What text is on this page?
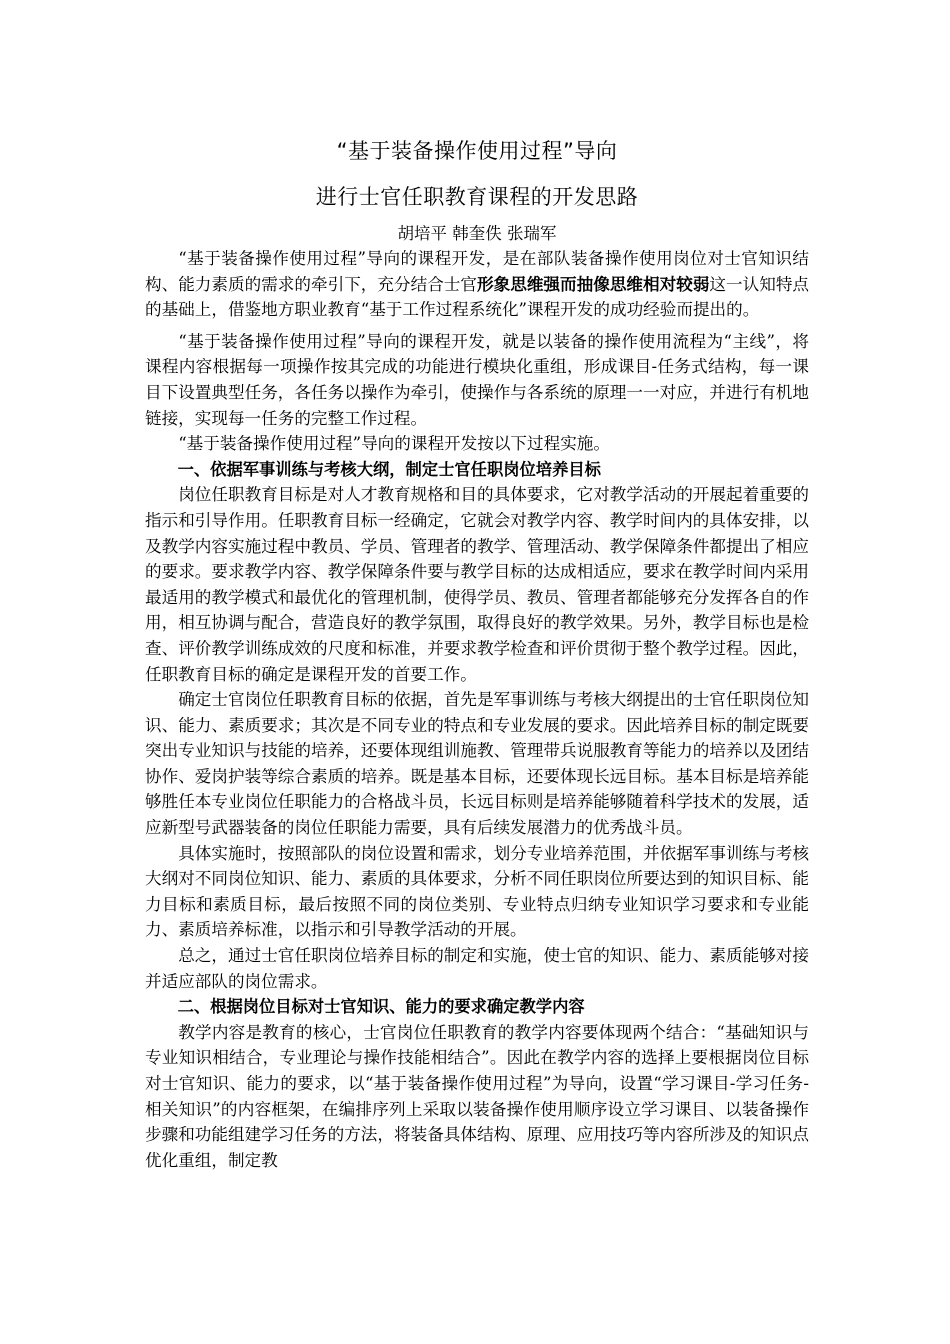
“基于装备操作使用过程”导向
进行士官任职教育课程的开发思路

胡培平 韩奎佚 张瑞军

“基于装备操作使用过程”导向的课程开发，是在部队装备操作使用岗位对士官知识结构、能力素质的需求的牵引下，充分结合士官形象思维强而抽像思维相对较弱这一认知特点的基础上，借鉴地方职业教育“基于工作过程系统化”课程开发的成功经验而提出的。

“基于装备操作使用过程”导向的课程开发，就是以装备的操作使用流程为“主线”，将课程内容根据每一项操作按其完成的功能进行模块化重组，形成课目-任务式结构，每一课目下设置典型任务，各任务以操作为牵引，使操作与各系统的原理一一对应，并进行有机地链接，实现每一任务的完整工作过程。

“基于装备操作使用过程”导向的课程开发按以下过程实施。

一、依据军事训练与考核大纲，制定士官任职岗位培养目标

岗位任职教育目标是对人才教育规格和目的具体要求，它对教学活动的开展起着重要的指示和引导作用。任职教育目标一经确定，它就会对教学内容、教学时间内的具体安排，以及教学内容实施过程中教员、学员、管理者的教学、管理活动、教学保障条件都提出了相应的要求。要求教学内容、教学保障条件要与教学目标的达成相适应，要求在教学时间内采用最适用的教学模式和最优化的管理机制，使得学员、教员、管理者都能够充分发挥各自的作用，相互协调与配合，营造良好的教学氛围，取得良好的教学效果。另外，教学目标也是检查、评价教学训练成效的尺度和标准，并要求教学检查和评价贯彻于整个教学过程。因此，任职教育目标的确定是课程开发的首要工作。

确定士官岗位任职教育目标的依据，首先是军事训练与考核大纲提出的士官任职岗位知识、能力、素质要求；其次是不同专业的特点和专业发展的要求。因此培养目标的制定既要突出专业知识与技能的培养，还要体现组训施教、管理带兵说服教育等能力的培养以及团结协作、爱岗护装等综合素质的培养。既是基本目标，还要体现长远目标。基本目标是培养能够胜任本专业岗位任职能力的合格战斗员，长远目标则是培养能够随着科学技术的发展，适应新型号武器装备的岗位任职能力需要，具有后续发展潜力的优秀战斗员。

具体实施时，按照部队的岗位设置和需求，划分专业培养范围，并依据军事训练与考核大纲对不同岗位知识、能力、素质的具体要求，分析不同任职岗位所要达到的知识目标、能力目标和素质目标，最后按照不同的岗位类别、专业特点归纳专业知识学习要求和专业能力、素质培养标准，以指示和引导教学活动的开展。

总之，通过士官任职岗位培养目标的制定和实施，使士官的知识、能力、素质能够对接并适应部队的岗位需求。

二、根据岗位目标对士官知识、能力的要求确定教学内容

教学内容是教育的核心，士官岗位任职教育的教学内容要体现两个结合：“基础知识与专业知识相结合，专业理论与操作技能相结合”。因此在教学内容的选择上要根据岗位目标对士官知识、能力的要求，以“基于装备操作使用过程”为导向，设置“学习课目-学习任务-相关知识”的内容框架，在编排序列上采取以装备操作使用顺序设立学习课目、以装备操作步骤和功能组建学习任务的方法，将装备具体结构、原理、应用技巧等内容所涉及的知识点优化重组，制定教
